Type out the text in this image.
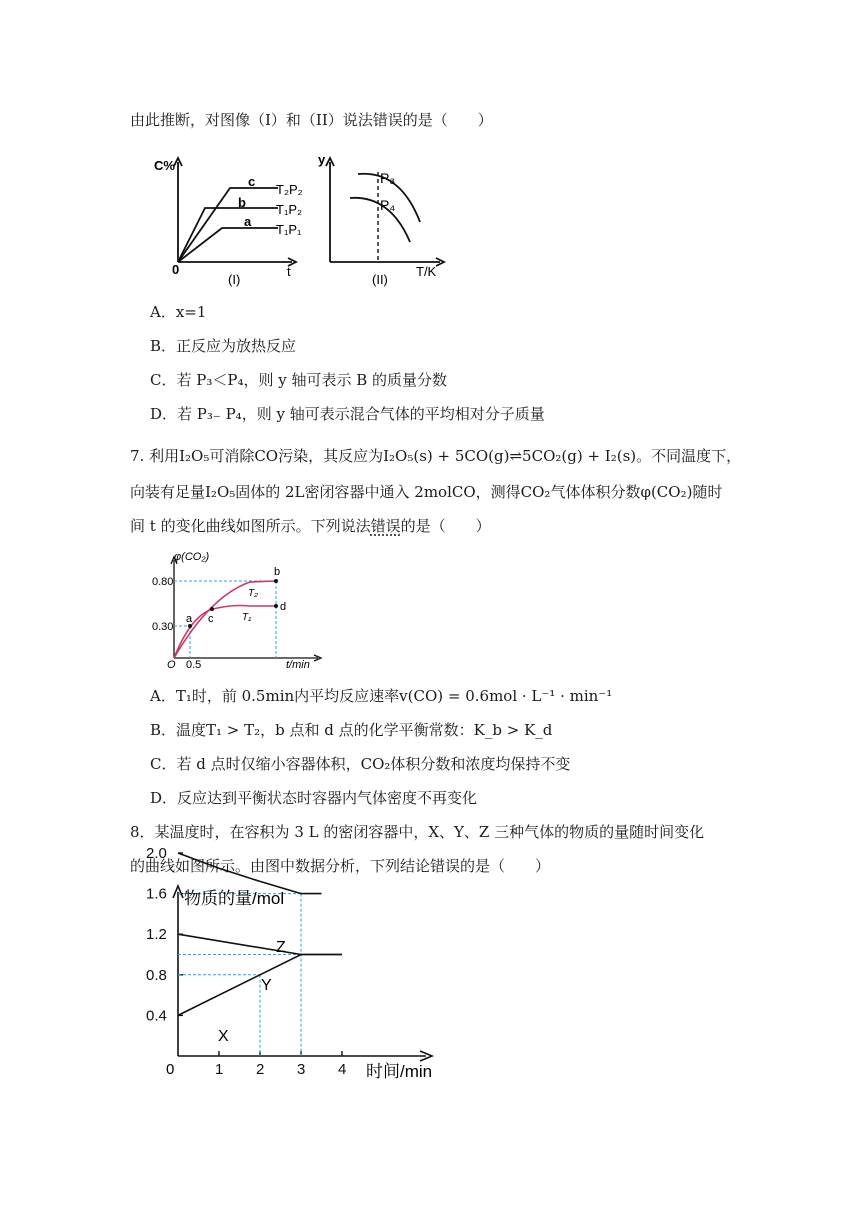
由此推断，对图像（I）和（II）说法错误的是（　　）
C%
0	t
(I)
c
b
a
T₂P₂
T₁P₂
T₁P₁
y
P₃
P₄
T/K
(II)
A．x=1
B．正反应为放热反应
C．若 P₃＜P₄，则 y 轴可表示 B 的质量分数
D．若 P₃₋ P₄，则 y 轴可表示混合气体的平均相对分子质量
7. 利用I₂O₅可消除CO污染，其反应为I₂O₅(s) + 5CO(g)⇌5CO₂(g) + I₂(s)。不同温度下，
向装有足量I₂O₅固体的 2L密闭容器中通入 2molCO，测得CO₂气体体积分数φ(CO₂)随时
间 t 的变化曲线如图所示。下列说法错误的是（　　）
φ(CO₂)
0.80
0.30
O 0.5	t/min
a c
b
d
T₂
T₁
A．T₁时，前 0.5min内平均反应速率v(CO) = 0.6mol · L⁻¹ · min⁻¹
B．温度T₁ > T₂，b 点和 d 点的化学平衡常数：K_b > K_d
C．若 d 点时仅缩小容器体积，CO₂体积分数和浓度均保持不变
D．反应达到平衡状态时容器内气体密度不再变化
8．某温度时，在容积为 3 L 的密闭容器中，X、Y、Z 三种气体的物质的量随时间变化
的曲线如图所示。由图中数据分析，下列结论错误的是（　　）
2.0
1.6
1.2
0.8
0.4
1 2 3 4
物质的量/mol
时间/min
0
Z
Y
X
